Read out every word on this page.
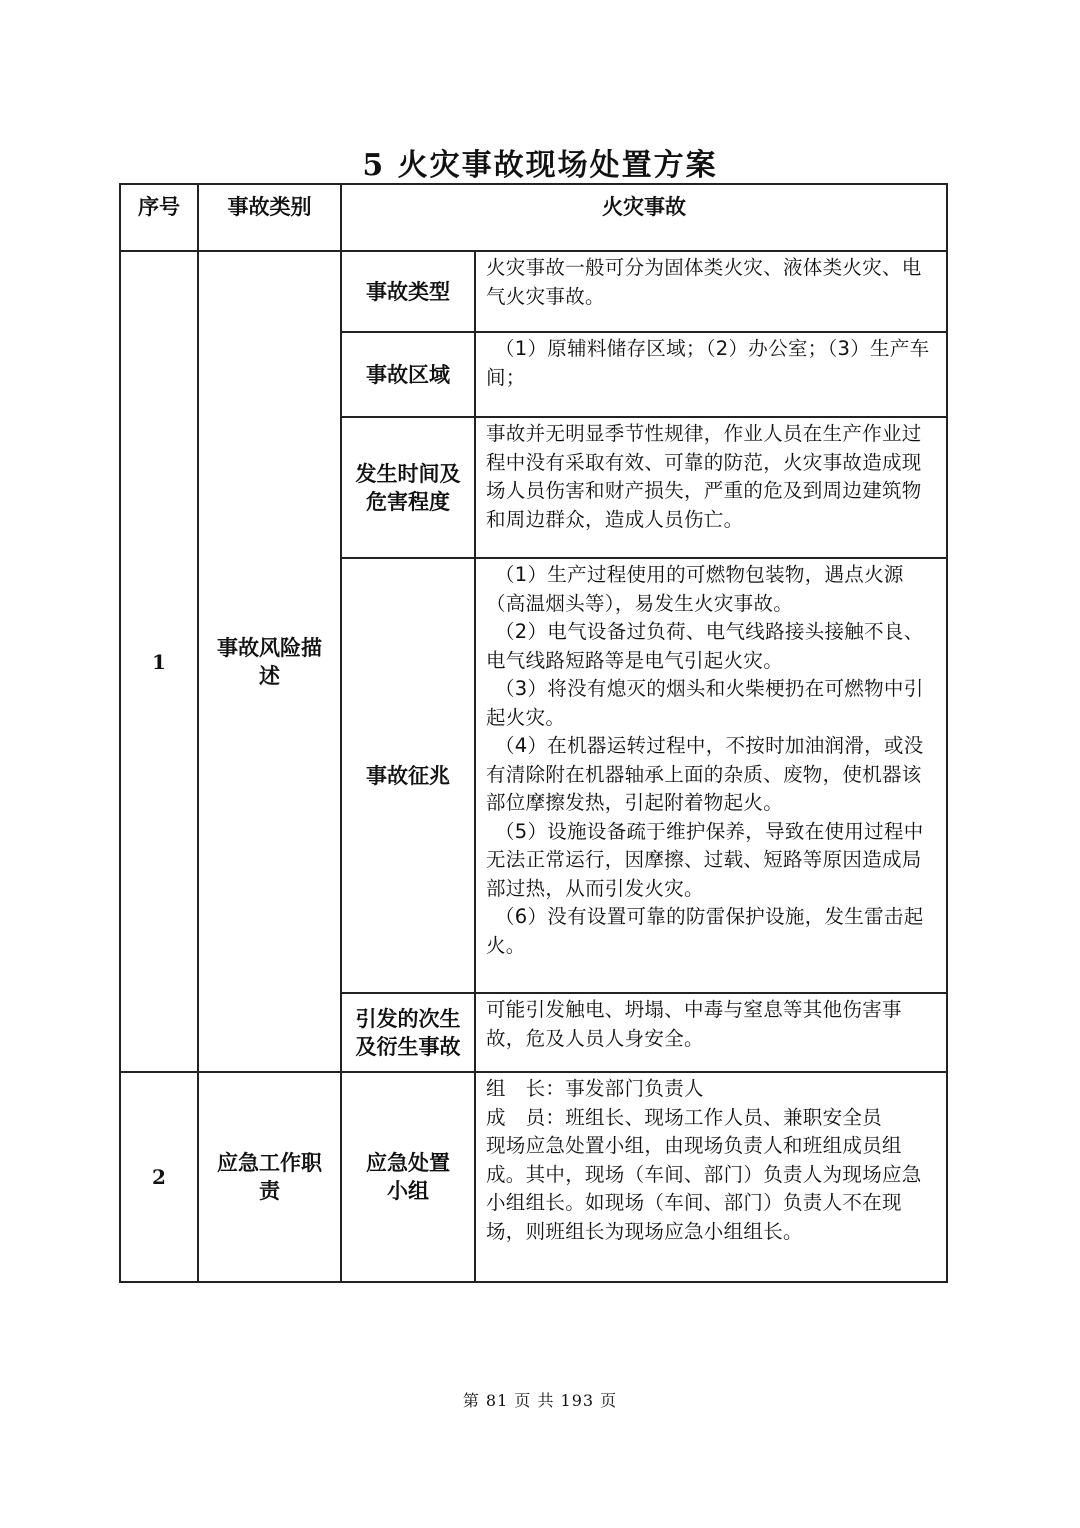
5 火灾事故现场处置方案
序号	事故类别	火灾事故
1
事故风险描述
事故类型

火灾事故一般可分为固体类火灾、液体类火灾、电气火灾事故。

事故区域

（1）原辅料储存区域；（2）办公室；（3）生产车间；

发生时间及危害程度

事故并无明显季节性规律，作业人员在生产作业过程中没有采取有效、可靠的防范，火灾事故造成现场人员伤害和财产损失，严重的危及到周边建筑物和周边群众，造成人员伤亡。

事故征兆

（1）生产过程使用的可燃物包装物，遇点火源（高温烟头等），易发生火灾事故。

（2）电气设备过负荷、电气线路接头接触不良、电气线路短路等是电气引起火灾。

（3）将没有熄灭的烟头和火柴梗扔在可燃物中引起火灾。

（4）在机器运转过程中，不按时加油润滑，或没有清除附在机器轴承上面的杂质、废物，使机器该部位摩擦发热，引起附着物起火。

（5）设施设备疏于维护保养，导致在使用过程中无法正常运行，因摩擦、过载、短路等原因造成局部过热，从而引发火灾。

（6）没有设置可靠的防雷保护设施，发生雷击起火。

引发的次生及衍生事故

可能引发触电、坍塌、中毒与窒息等其他伤害事故，危及人员人身安全。

2
应急工作职责
应急处置小组

组　长：事发部门负责人

成　员：班组长、现场工作人员、兼职安全员

现场应急处置小组，由现场负责人和班组成员组成。其中，现场（车间、部门）负责人为现场应急小组组长。如现场（车间、部门）负责人不在现场，则班组长为现场应急小组组长。

第 81 页 共 193 页
